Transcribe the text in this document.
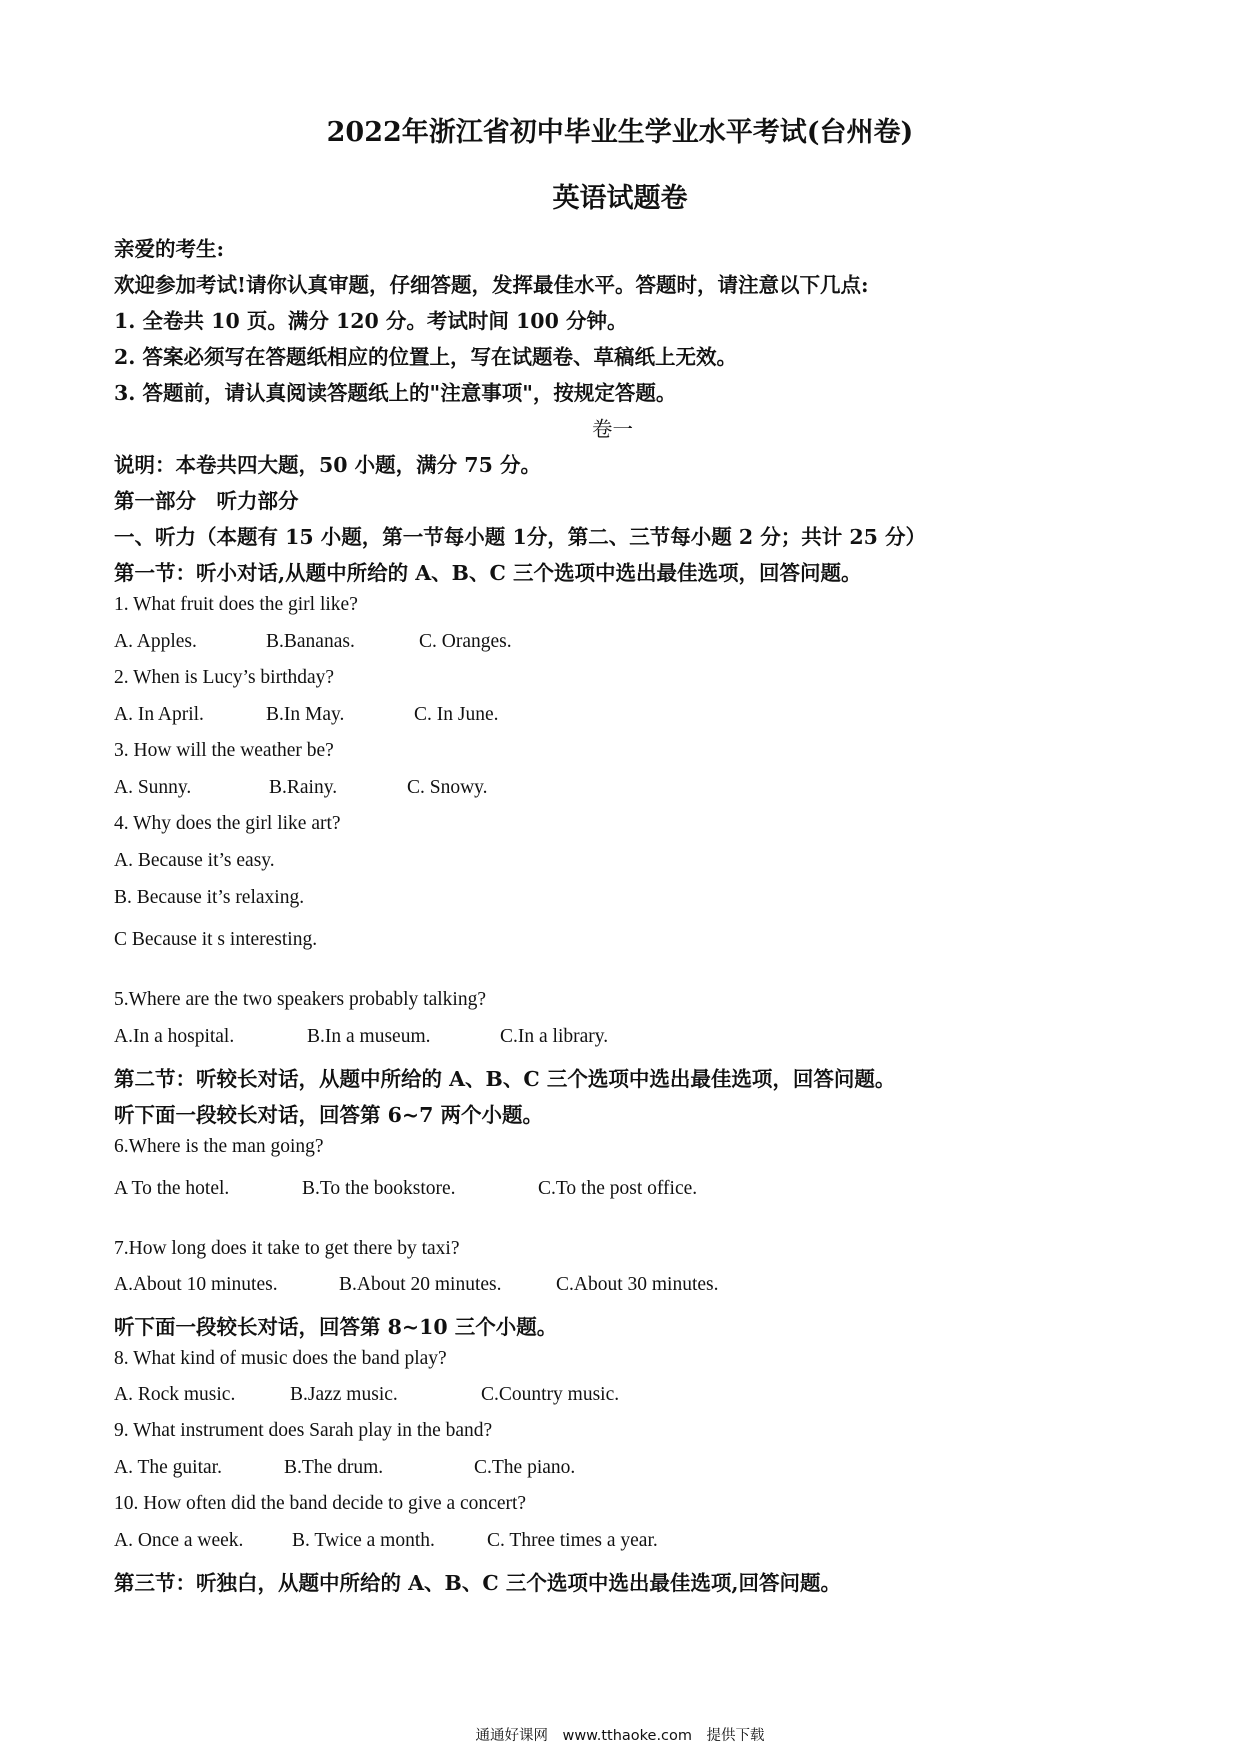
2022年浙江省初中毕业生学业水平考试(台州卷)
英语试题卷
亲爱的考生:
欢迎参加考试!请你认真审题，仔细答题，发挥最佳水平。答题时，请注意以下几点:
1. 全卷共 10 页。满分 120 分。考试时间 100 分钟。
2. 答案必须写在答题纸相应的位置上，写在试题卷、草稿纸上无效。
3. 答题前，请认真阅读答题纸上的"注意事项"，按规定答题。
卷一
说明：本卷共四大题，50 小题，满分 75 分。
第一部分　听力部分
一、听力（本题有 15 小题，第一节每小题 1分，第二、三节每小题 2 分；共计 25 分）
第一节：听小对话,从题中所给的 A、B、C 三个选项中选出最佳选项，回答问题。
1. What fruit does the girl like?
A. Apples.	B.Bananas.	C. Oranges.
2. When is Lucy’s birthday?
A. In April.	B.In May.	C. In June.
3. How will the weather be?
A. Sunny.	B.Rainy.	C. Snowy.
4. Why does the girl like art?
A. Because it’s easy.
B. Because it’s relaxing.
C Because it s interesting.
5.Where are the two speakers probably talking?
A.In a hospital.	B.In a museum.	C.In a library.
第二节：听较长对话，从题中所给的 A、B、C 三个选项中选出最佳选项，回答问题。
听下面一段较长对话，回答第 6~7 两个小题。
6.Where is the man going?
A To the hotel.	B.To the bookstore.	C.To the post office.
7.How long does it take to get there by taxi?
A.About 10 minutes.	B.About 20 minutes.	C.About 30 minutes.
听下面一段较长对话，回答第 8~10 三个小题。
8. What kind of music does the band play?
A. Rock music.	B.Jazz music.	C.Country music.
9. What instrument does Sarah play in the band?
A. The guitar.	B.The drum.	C.The piano.
10. How often did the band decide to give a concert?
A. Once a week. B. Twice a month.	C. Three times a year.
第三节：听独白，从题中所给的 A、B、C 三个选项中选出最佳选项,回答问题。
通通好课网　www.tthaoke.com　提供下载
